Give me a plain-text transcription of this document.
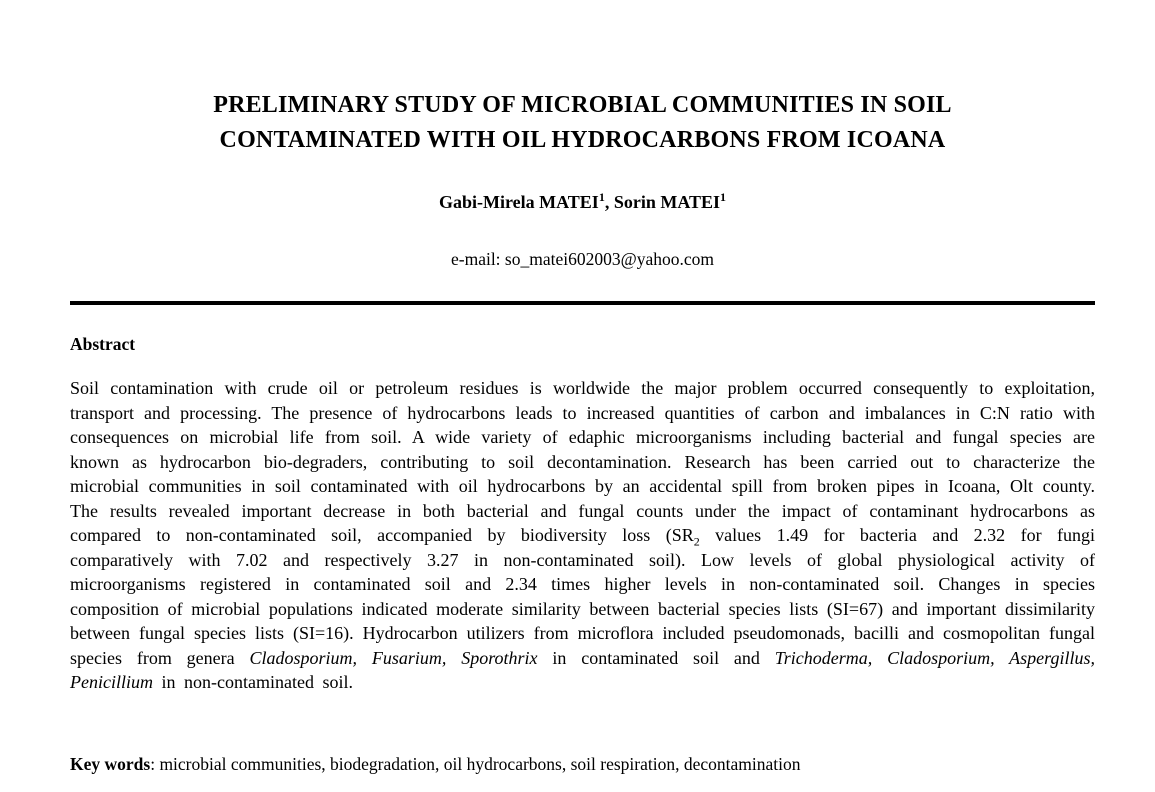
PRELIMINARY STUDY OF MICROBIAL COMMUNITIES IN SOIL
CONTAMINATED WITH OIL HYDROCARBONS FROM ICOANA
Gabi-Mirela MATEI$^1$, Sorin MATEI$^1$
e-mail: so_matei602003@yahoo.com
Abstract

Soil contamination with crude oil or petroleum residues is worldwide the major problem occurred consequently to exploitation, transport and processing. The presence of hydrocarbons leads to increased quantities of carbon and imbalances in C:N ratio with consequences on microbial life from soil. A wide variety of edaphic microorganisms including bacterial and fungal species are known as hydrocarbon bio-degraders, contributing to soil decontamination. Research has been carried out to characterize the microbial communities in soil contaminated with oil hydrocarbons by an accidental spill from broken pipes in Icoana, Olt county. The results revealed important decrease in both bacterial and fungal counts under the impact of contaminant hydrocarbons as compared to non-contaminated soil, accompanied by biodiversity loss ($SR_2$ values 1.49 for bacteria and 2.32 for fungi comparatively with 7.02 and respectively 3.27 in non-contaminated soil). Low levels of global physiological activity of microorganisms registered in contaminated soil and 2.34 times higher levels in non-contaminated soil. Changes in species composition of microbial populations indicated moderate similarity between bacterial species lists (SI=67) and important dissimilarity between fungal species lists (SI=16). Hydrocarbon utilizers from microflora included pseudomonads, bacilli and cosmopolitan fungal species from genera Cladosporium, Fusarium, Sporothrix in contaminated soil and Trichoderma, Cladosporium, Aspergillus, Penicillium in non-contaminated soil.

Key words: microbial communities, biodegradation, oil hydrocarbons, soil respiration, decontamination
